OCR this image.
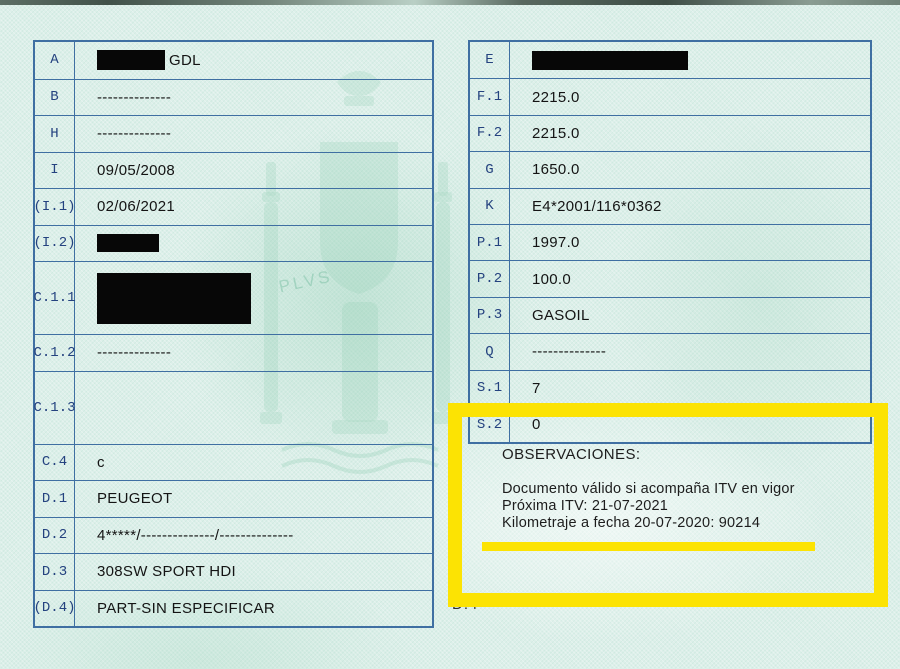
PLVS
A	GDL
B	--------------
H	--------------
I	09/05/2008
(I.1) 02/06/2021
(I.2)
C.1.1
C.1.2 --------------
C.1.3
C.4	c
D.1	PEUGEOT
D.2	4*****/--------------/--------------
D.3	308SW SPORT HDI
(D.4) PART-SIN ESPECIFICAR
E
F.1	2215.0
F.2	2215.0
G	1650.0
K	E4*2001/116*0362
P.1	1997.0
P.2	100.0
P.3	GASOIL
Q	--------------
S.1	7
S.2	0
OBSERVACIONES:
Documento válido si acompaña ITV en vigor
Próxima ITV: 21-07-2021
Kilometraje a fecha 20-07-2020: 90214
D.4
